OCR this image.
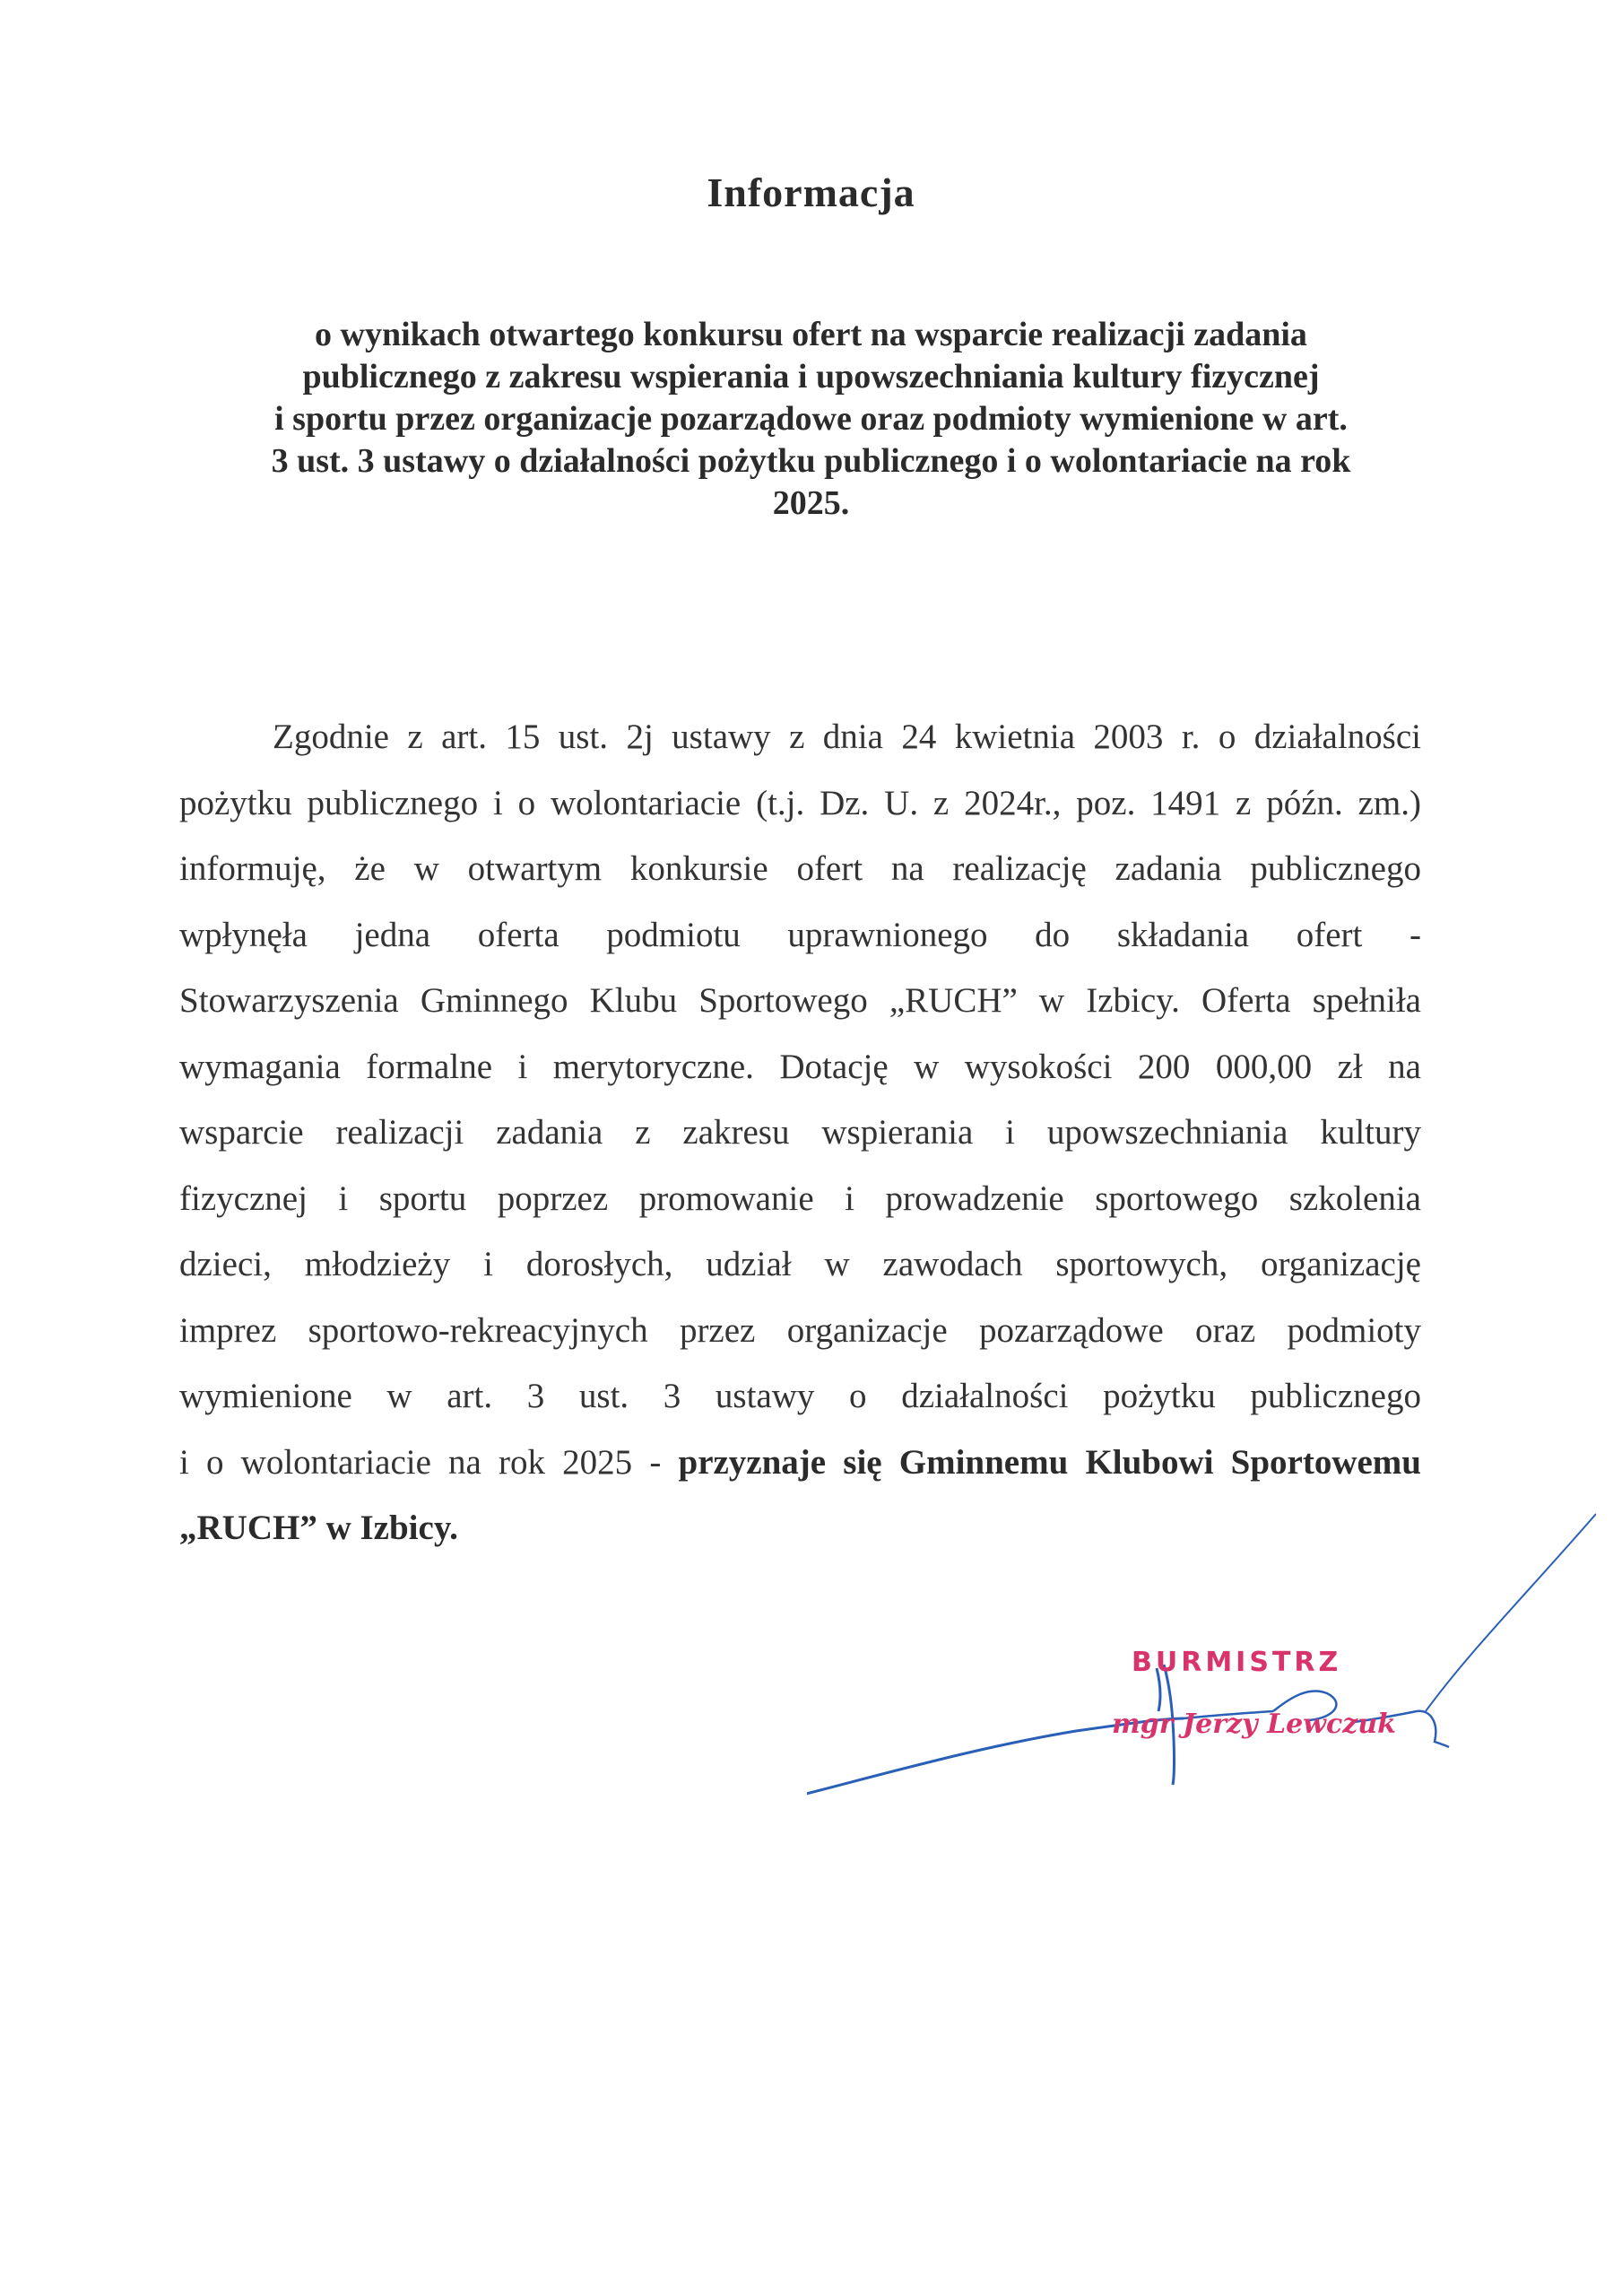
Informacja
o wynikach otwartego konkursu ofert na wsparcie realizacji zadania
publicznego z zakresu wspierania i upowszechniania kultury fizycznej
i sportu przez organizacje pozarządowe oraz podmioty wymienione w art.
3 ust. 3 ustawy o działalności pożytku publicznego i o wolontariacie na rok
2025.
Zgodnie z art. 15 ust. 2j ustawy z dnia 24 kwietnia 2003 r. o działalności
pożytku publicznego i o wolontariacie (t.j. Dz. U. z 2024r., poz. 1491 z późn. zm.)
informuję, że w otwartym konkursie ofert na realizację zadania publicznego
wpłynęła jedna oferta podmiotu uprawnionego do składania ofert -
Stowarzyszenia Gminnego Klubu Sportowego „RUCH” w Izbicy. Oferta spełniła
wymagania formalne i merytoryczne. Dotację w wysokości 200 000,00 zł na
wsparcie realizacji zadania z zakresu wspierania i upowszechniania kultury
fizycznej i sportu poprzez promowanie i prowadzenie sportowego szkolenia
dzieci, młodzieży i dorosłych, udział w zawodach sportowych, organizację
imprez sportowo-rekreacyjnych przez organizacje pozarządowe oraz podmioty
wymienione w art. 3 ust. 3 ustawy o działalności pożytku publicznego
i o wolontariacie na rok 2025 - przyznaje się Gminnemu Klubowi Sportowemu
„RUCH” w Izbicy.
BURMISTRZ
mgr Jerzy Lewczuk
